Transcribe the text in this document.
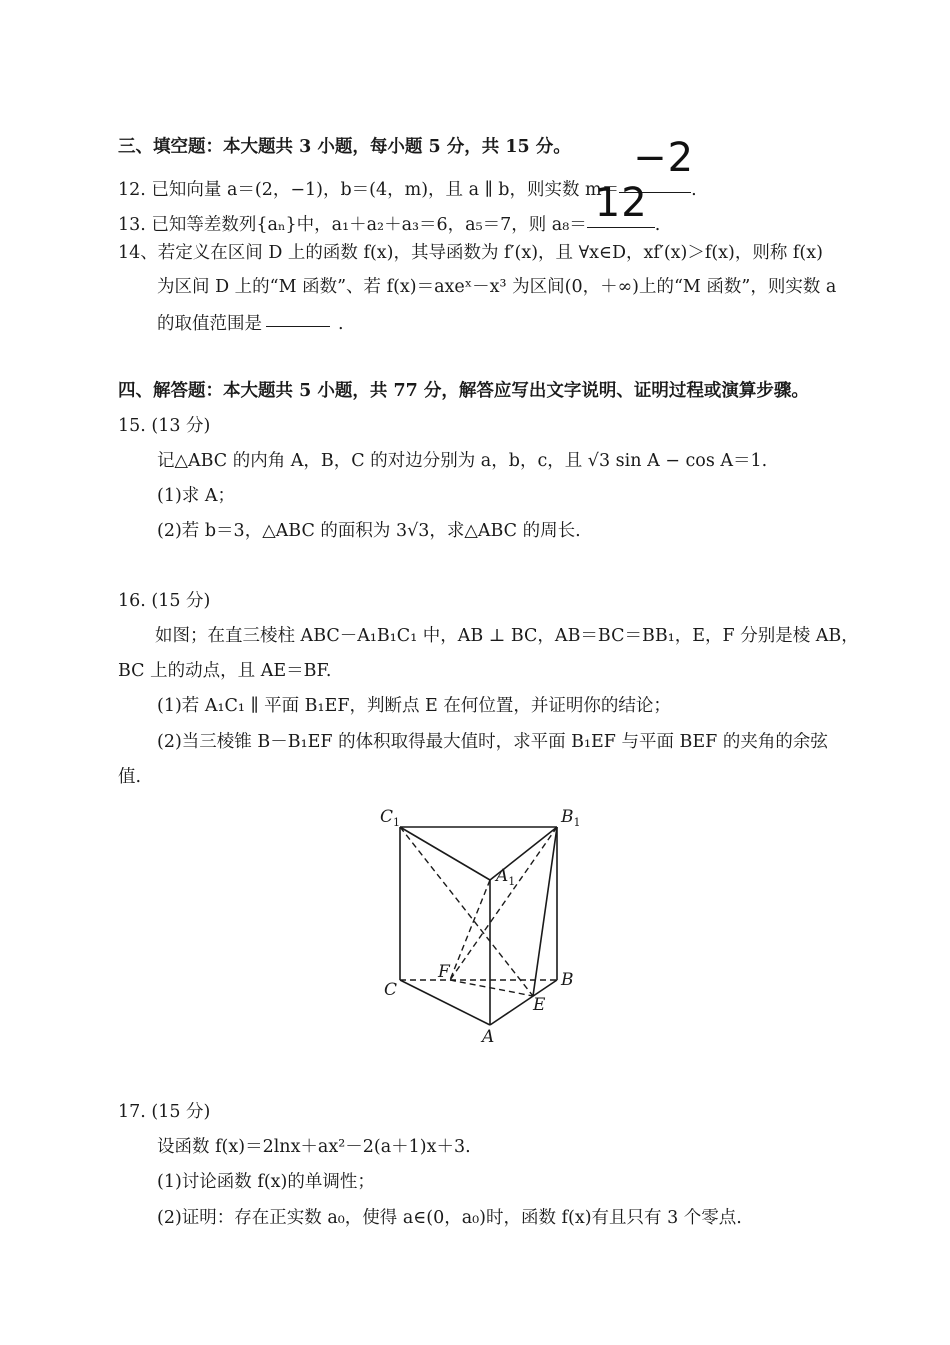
三、填空题：本大题共 3 小题，每小题 5 分，共 15 分。
12. 已知向量 a＝(2，−1)，b＝(4，m)，且 a ∥ b，则实数 m＝
−2
.
13. 已知等差数列{aₙ}中，a₁＋a₂＋a₃＝6，a₅＝7，则 a₈＝ 12 .
14、若定义在区间 D 上的函数 f(x)，其导函数为 f′(x)，且 ∀x∈D，xf′(x)＞f(x)，则称 f(x)
为区间 D 上的“M 函数”、若 f(x)＝axeˣ－x³ 为区间(0，＋∞)上的“M 函数”，则实数 a
的取值范围是	.
四、解答题：本大题共 5 小题，共 77 分，解答应写出文字说明、证明过程或演算步骤。
15. (13 分)
记△ABC 的内角 A，B，C 的对边分别为 a，b，c，且 √3 sin A − cos A＝1.
(1)求 A；
(2)若 b＝3，△ABC 的面积为 3√3，求△ABC 的周长.
16. (15 分)
如图；在直三棱柱 ABC－A₁B₁C₁ 中，AB ⊥ BC，AB＝BC＝BB₁，E，F 分别是棱 AB，
BC 上的动点，且 AE＝BF.
(1)若 A₁C₁ ∥ 平面 B₁EF，判断点 E 在何位置，并证明你的结论；
(2)当三棱锥 B－B₁EF 的体积取得最大值时，求平面 B₁EF 与平面 BEF 的夹角的余弦
值.
$C_1$	$B_1$
$A_1$
C	B
A
E
F
17. (15 分)
设函数 f(x)＝2lnx＋ax²－2(a＋1)x＋3.
(1)讨论函数 f(x)的单调性；
(2)证明：存在正实数 a₀，使得 a∈(0，a₀)时，函数 f(x)有且只有 3 个零点.
